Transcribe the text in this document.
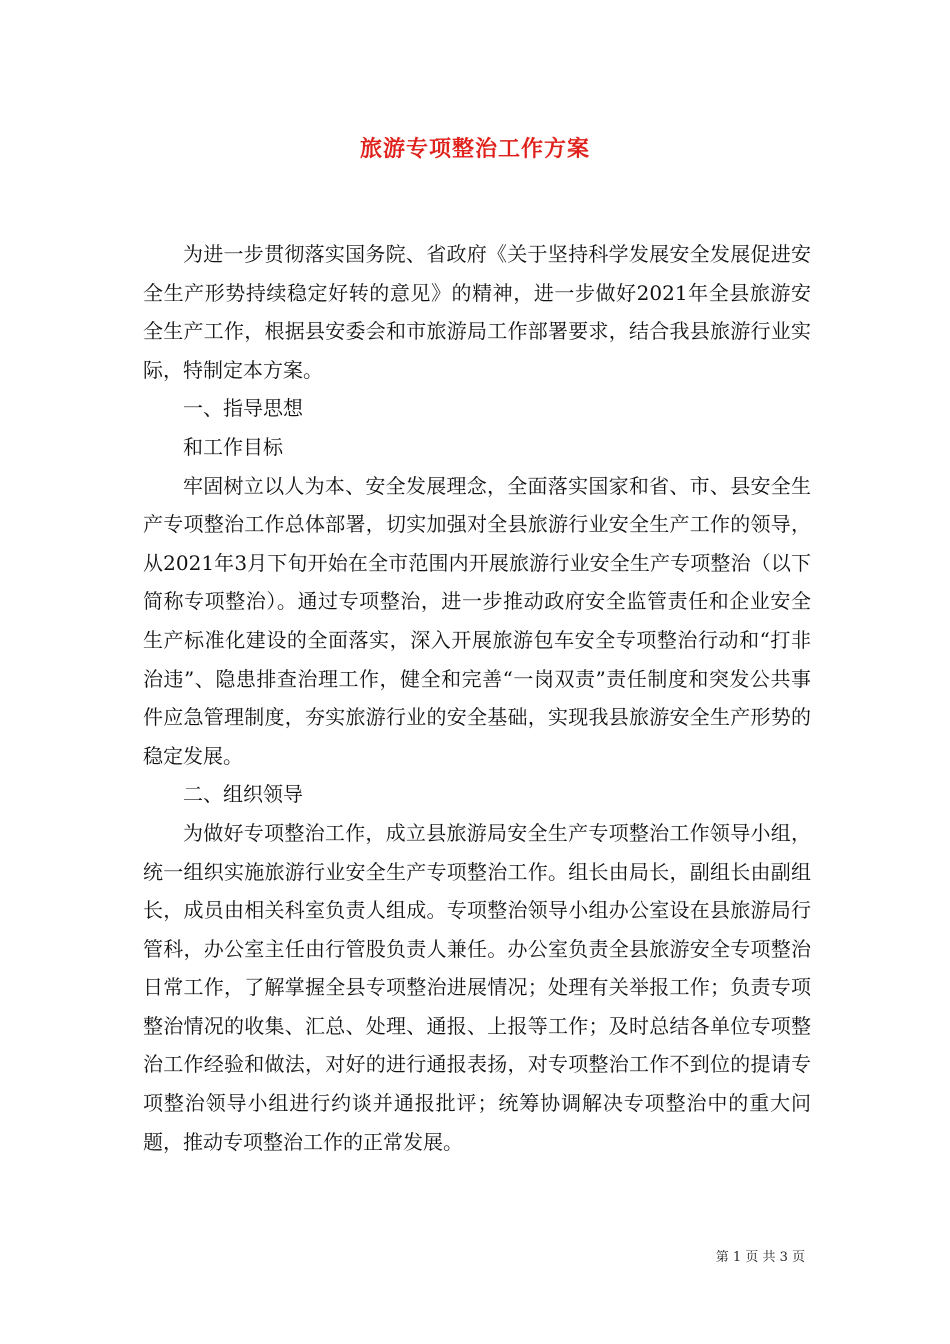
旅游专项整治工作方案

为进一步贯彻落实国务院、省政府《关于坚持科学发展安全发展促进安全生产形势持续稳定好转的意见》的精神，进一步做好2021年全县旅游安全生产工作，根据县安委会和市旅游局工作部署要求，结合我县旅游行业实际，特制定本方案。

一、指导思想

和工作目标

牢固树立以人为本、安全发展理念，全面落实国家和省、市、县安全生产专项整治工作总体部署，切实加强对全县旅游行业安全生产工作的领导，从2021年3月下旬开始在全市范围内开展旅游行业安全生产专项整治（以下简称专项整治）。通过专项整治，进一步推动政府安全监管责任和企业安全生产标准化建设的全面落实，深入开展旅游包车安全专项整治行动和“打非治违”、隐患排查治理工作，健全和完善“一岗双责”责任制度和突发公共事件应急管理制度，夯实旅游行业的安全基础，实现我县旅游安全生产形势的稳定发展。

二、组织领导

为做好专项整治工作，成立县旅游局安全生产专项整治工作领导小组，统一组织实施旅游行业安全生产专项整治工作。组长由局长，副组长由副组长，成员由相关科室负责人组成。专项整治领导小组办公室设在县旅游局行管科，办公室主任由行管股负责人兼任。办公室负责全县旅游安全专项整治日常工作，了解掌握全县专项整治进展情况；处理有关举报工作；负责专项整治情况的收集、汇总、处理、通报、上报等工作；及时总结各单位专项整治工作经验和做法，对好的进行通报表扬，对专项整治工作不到位的提请专项整治领导小组进行约谈并通报批评；统筹协调解决专项整治中的重大问题，推动专项整治工作的正常发展。

第 1 页 共 3 页
